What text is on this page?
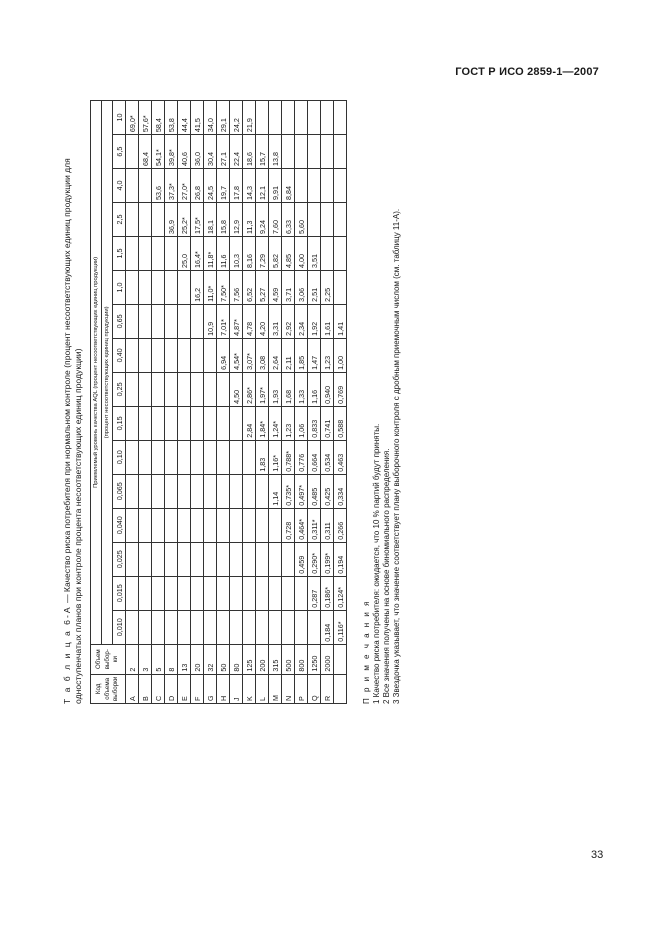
ГОСТ Р ИСО 2859-1—2007
Т а б л и ц а 6-А — Качество риска потребителя при нормальном контроле (процент несоответствующих единиц продукции для одноступенчатых планов при контроле процента несоответствующих единиц продукции) Код объема выборки	Объем выбор-ки	Приемлемый уровень качества AQL (процент несоответствующих единиц продукции)															
		(процент несоответствующих единиц продукции)															
		0,010	0,015	0,025	0,040	0,065	0,10	0,15	0,25	0,40	0,65	1,0	1,5	2,5	4,0	6,5	10
A	2																69,0*
B	3															68,4	57,6*
C	5														53,6	54,1*	58,4
D	8													36,9	37,3*	39,8*	53,8
E	13												25,0	25,2*	27,0*	40,6	44,4
F	20											16,2	16,4*	17,5*	26,8	36,0	41,5
G	32										10,9	11,0*	11,8*	18,1	24,5	30,4	34,0
H	50									6,94	7,01*	7,50*	11,6	15,8	19,7	27,1	29,1
J	80								4,50	4,54*	4,87*	7,56	10,3	12,9	17,8	22,4	24,2
K	125							2,84	2,86*	3,07*	4,78	6,52	8,16	11,3	14,3	18,6	21,9
L	200						1,83	1,84*	1,97*	3,08	4,20	5,27	7,29	9,24	12,1	15,7	
M	315					1,14	1,16*	1,24*	1,93	2,64	3,31	4,59	5,82	7,60	9,91	13,8	
N	500				0,728	0,735*	0,788*	1,23	1,68	2,11	2,92	3,71	4,85	6,33	8,84		
P	800			0,459	0,464*	0,497*	0,776	1,06	1,33	1,85	2,34	3,06	4,00	5,60			
Q	1250		0,287	0,290*	0,311*	0,485	0,664	0,833	1,16	1,47	1,92	2,51	3,51				
R	2000	0,184	0,186*	0,199*	0,311	0,425	0,534	0,741	0,940	1,23	1,61	2,25					
		0,116*	0,124*	0,194	0,266	0,334	0,463	0,588	0,769	1,00	1,41						
П р и м е ч а н и я 1 Качество риска потребителя: ожидается, что 10 % партий будут приняты. 2 Все значения получены на основе биномиального распределения. 3 Звездочка указывает, что значение соответствует плану выборочного контроля с дробным приемочным числом (см. таблицу 11-А).
33
